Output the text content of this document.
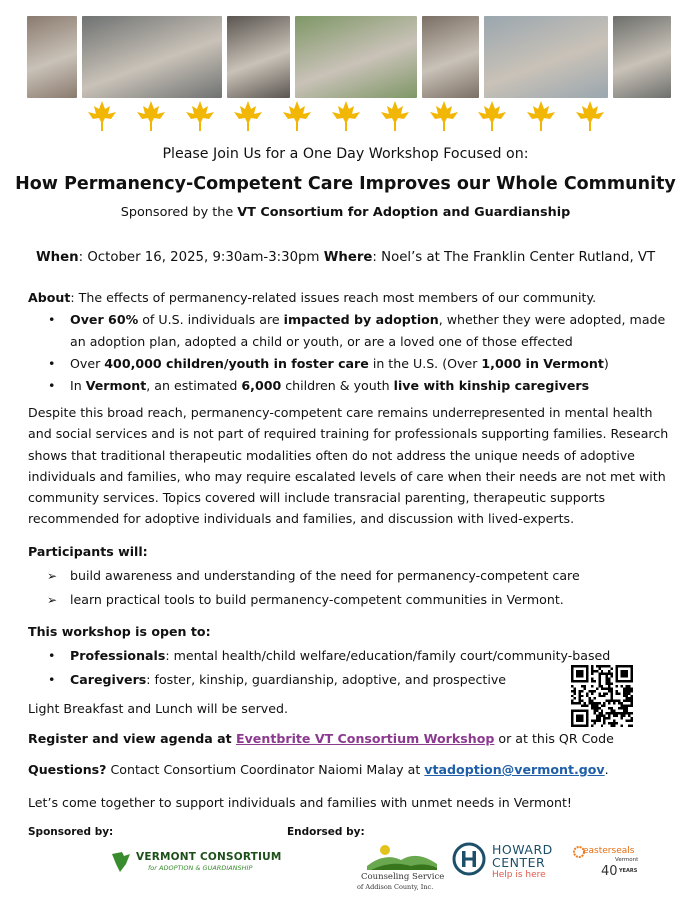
Please Join Us for a One Day Workshop Focused on:
How Permanency-Competent Care Improves our Whole Community
Sponsored by the VT Consortium for Adoption and Guardianship
When: October 16, 2025, 9:30am-3:30pm Where: Noel’s at The Franklin Center Rutland, VT
About: The effects of permanency-related issues reach most members of our community.
• Over 60% of U.S. individuals are impacted by adoption, whether they were adopted, made an adoption plan, adopted a child or youth, or are a loved one of those effected
• Over 400,000 children/youth in foster care in the U.S. (Over 1,000 in Vermont)
• In Vermont, an estimated 6,000 children & youth live with kinship caregivers
Despite this broad reach, permanency-competent care remains underrepresented in mental health and social services and is not part of required training for professionals supporting families. Research shows that traditional therapeutic modalities often do not address the unique needs of adoptive individuals and families, who may require escalated levels of care when their needs are not met with community services. Topics covered will include transracial parenting, therapeutic supports recommended for adoptive individuals and families, and discussion with lived-experts.
Participants will:
➢ build awareness and understanding of the need for permanency-competent care
➢ learn practical tools to build permanency-competent communities in Vermont.
This workshop is open to:
• Professionals: mental health/child welfare/education/family court/community-based
• Caregivers: foster, kinship, guardianship, adoptive, and prospective
Light Breakfast and Lunch will be served.
Register and view agenda at Eventbrite VT Consortium Workshop or at this QR Code
Questions? Contact Consortium Coordinator Naiomi Malay at vtadoption@vermont.gov.
Let’s come together to support individuals and families with unmet needs in Vermont!
Sponsored by:	Endorsed by:
VERMONT CONSORTIUM
for ADOPTION & GUARDIANSHIP
Counseling Service
of Addison County, Inc.
HOWARD
CENTER
Help is here
easterseals
Vermont
40 YEARS
